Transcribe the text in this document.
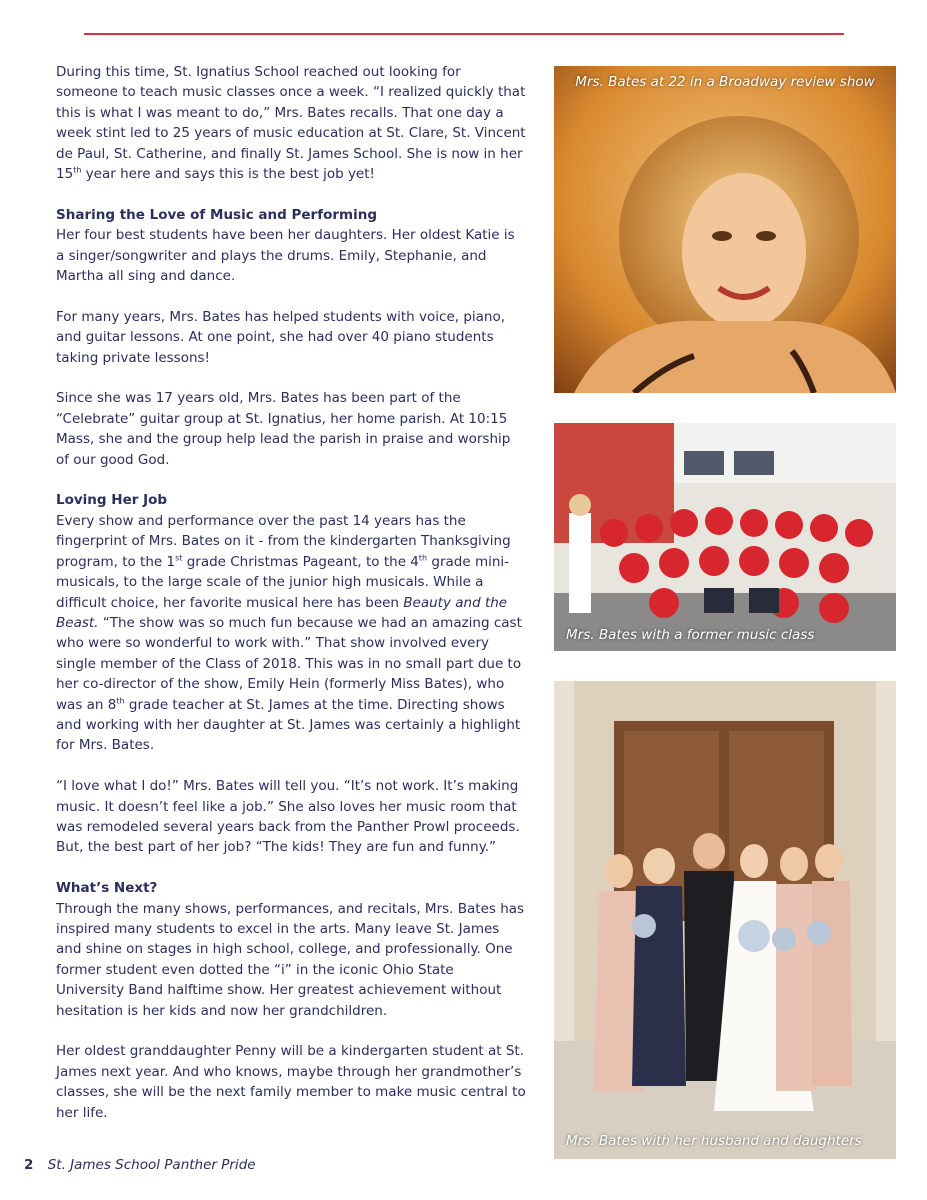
During this time, St. Ignatius School reached out looking for someone to teach music classes once a week. “I realized quickly that this is what I was meant to do,” Mrs. Bates recalls. That one day a week stint led to 25 years of music education at St. Clare, St. Vincent de Paul, St. Catherine, and finally St. James School. She is now in her 15th year here and says this is the best job yet!

Sharing the Love of Music and Performing

Her four best students have been her daughters. Her oldest Katie is a singer/songwriter and plays the drums. Emily, Stephanie, and Martha all sing and dance.

For many years, Mrs. Bates has helped students with voice, piano, and guitar lessons. At one point, she had over 40 piano students taking private lessons!

Since she was 17 years old, Mrs. Bates has been part of the “Celebrate” guitar group at St. Ignatius, her home parish. At 10:15 Mass, she and the group help lead the parish in praise and worship of our good God.

Loving Her Job

Every show and performance over the past 14 years has the fingerprint of Mrs. Bates on it - from the kindergarten Thanksgiving program, to the 1st grade Christmas Pageant, to the 4th grade mini-musicals, to the large scale of the junior high musicals. While a difficult choice, her favorite musical here has been Beauty and the Beast. “The show was so much fun because we had an amazing cast who were so wonderful to work with.” That show involved every single member of the Class of 2018. This was in no small part due to her co-director of the show, Emily Hein (formerly Miss Bates), who was an 8th grade teacher at St. James at the time. Directing shows and working with her daughter at St. James was certainly a highlight for Mrs. Bates.

“I love what I do!” Mrs. Bates will tell you. “It’s not work. It’s making music. It doesn’t feel like a job.” She also loves her music room that was remodeled several years back from the Panther Prowl proceeds. But, the best part of her job? “The kids! They are fun and funny.”

What’s Next?

Through the many shows, performances, and recitals, Mrs. Bates has inspired many students to excel in the arts. Many leave St. James and shine on stages in high school, college, and professionally. One former student even dotted the “i” in the iconic Ohio State University Band halftime show. Her greatest achievement without hesitation is her kids and now her grandchildren.

Her oldest granddaughter Penny will be a kindergarten student at St. James next year. And who knows, maybe through her grandmother’s classes, she will be the next family member to make music central to her life.

Mrs. Bates at 22 in a Broadway review show
Mrs. Bates with a former music class
Mrs. Bates with her husband and daughters
2 St. James School Panther Pride
